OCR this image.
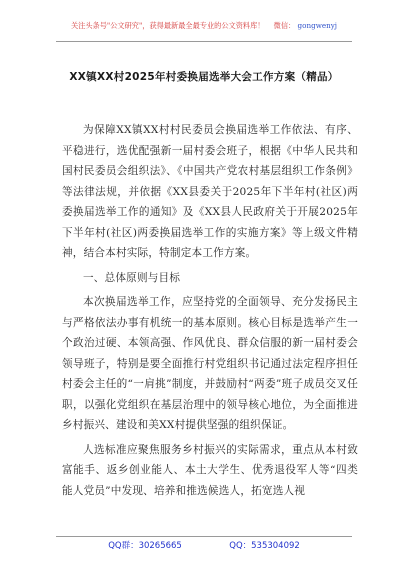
关注头条号"公文研究"，获得最新最全最专业的公文资料库！ 微信： gongwenyj
XX镇XX村2025年村委换届选举大会工作方案（精品）

为保障XX镇XX村村民委员会换届选举工作依法、有序、平稳进行，选优配强新一届村委会班子，根据《中华人民共和国村民委员会组织法》、《中国共产党农村基层组织工作条例》等法律法规，并依据《XX县委关于2025年下半年村(社区)两委换届选举工作的通知》及《XX县人民政府关于开展2025年下半年村(社区)两委换届选举工作的实施方案》等上级文件精神，结合本村实际，特制定本工作方案。

一、总体原则与目标

本次换届选举工作，应坚持党的全面领导、充分发扬民主与严格依法办事有机统一的基本原则。核心目标是选举产生一个政治过硬、本领高强、作风优良、群众信服的新一届村委会领导班子，特别是要全面推行村党组织书记通过法定程序担任村委会主任的“一肩挑”制度，并鼓励村“两委”班子成员交叉任职，以强化党组织在基层治理中的领导核心地位，为全面推进乡村振兴、建设和美XX村提供坚强的组织保证。

人选标准应聚焦服务乡村振兴的实际需求，重点从本村致富能手、返乡创业能人、本土大学生、优秀退役军人等“四类能人党员”中发现、培养和推选候选人，拓宽选人视

QQ群：30265665	QQ：535304092
